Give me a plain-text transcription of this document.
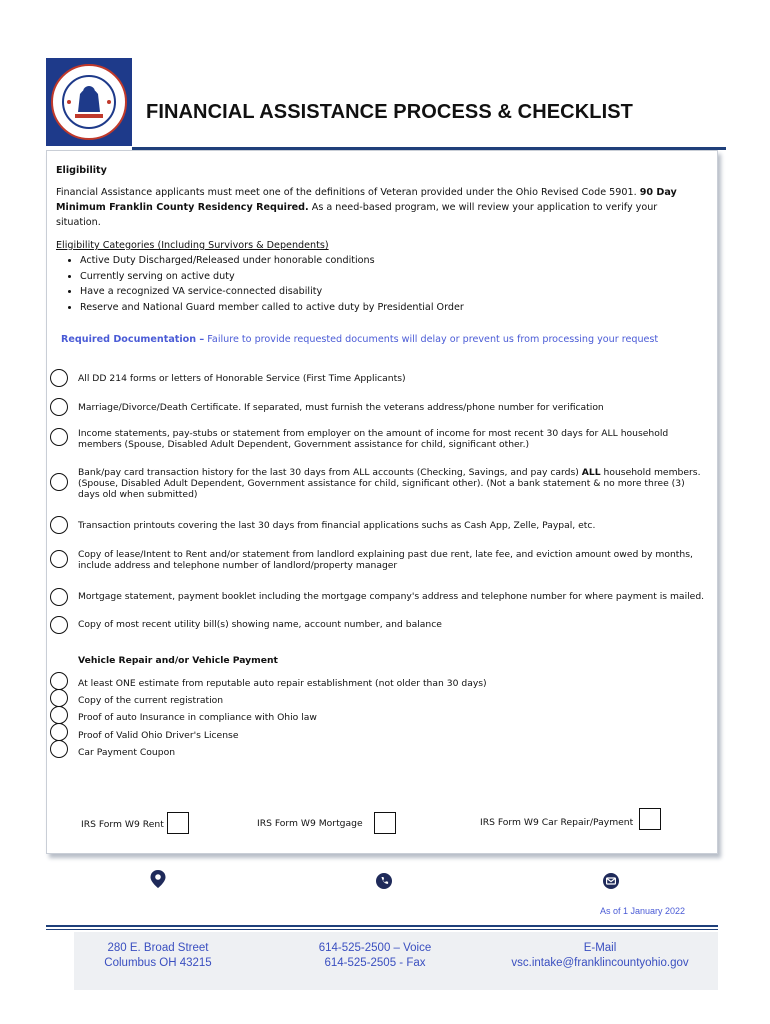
FINANCIAL ASSISTANCE PROCESS & CHECKLIST
Eligibility
Financial Assistance applicants must meet one of the definitions of Veteran provided under the Ohio Revised Code 5901. 90 Day
Minimum Franklin County Residency Required. As a need-based program, we will review your application to verify your
situation.
Eligibility Categories (Including Survivors & Dependents)
• Active Duty Discharged/Released under honorable conditions
• Currently serving on active duty
• Have a recognized VA service-connected disability
• Reserve and National Guard member called to active duty by Presidential Order
Required Documentation – Failure to provide requested documents will delay or prevent us from processing your request
All DD 214 forms or letters of Honorable Service (First Time Applicants)
Marriage/Divorce/Death Certificate. If separated, must furnish the veterans address/phone number for verification
Income statements, pay-stubs or statement from employer on the amount of income for most recent 30 days for ALL household
members (Spouse, Disabled Adult Dependent, Government assistance for child, significant other.)
Bank/pay card transaction history for the last 30 days from ALL accounts (Checking, Savings, and pay cards) ALL household members.
(Spouse, Disabled Adult Dependent, Government assistance for child, significant other). (Not a bank statement & no more three (3)
days old when submitted)
Transaction printouts covering the last 30 days from financial applications suchs as Cash App, Zelle, Paypal, etc.
Copy of lease/Intent to Rent and/or statement from landlord explaining past due rent, late fee, and eviction amount owed by months,
include address and telephone number of landlord/property manager
Mortgage statement, payment booklet including the mortgage company's address and telephone number for where payment is mailed.
Copy of most recent utility bill(s) showing name, account number, and balance
Vehicle Repair and/or Vehicle Payment
At least ONE estimate from reputable auto repair establishment (not older than 30 days)
Copy of the current registration
Proof of auto Insurance in compliance with Ohio law
Proof of Valid Ohio Driver's License
Car Payment Coupon
IRS Form W9 Rent	IRS Form W9 Mortgage	IRS Form W9 Car Repair/Payment
As of 1 January 2022
280 E. Broad Street
Columbus OH 43215
614-525-2500 – Voice
614-525-2505 - Fax
E-Mail
vsc.intake@franklincountyohio.gov
